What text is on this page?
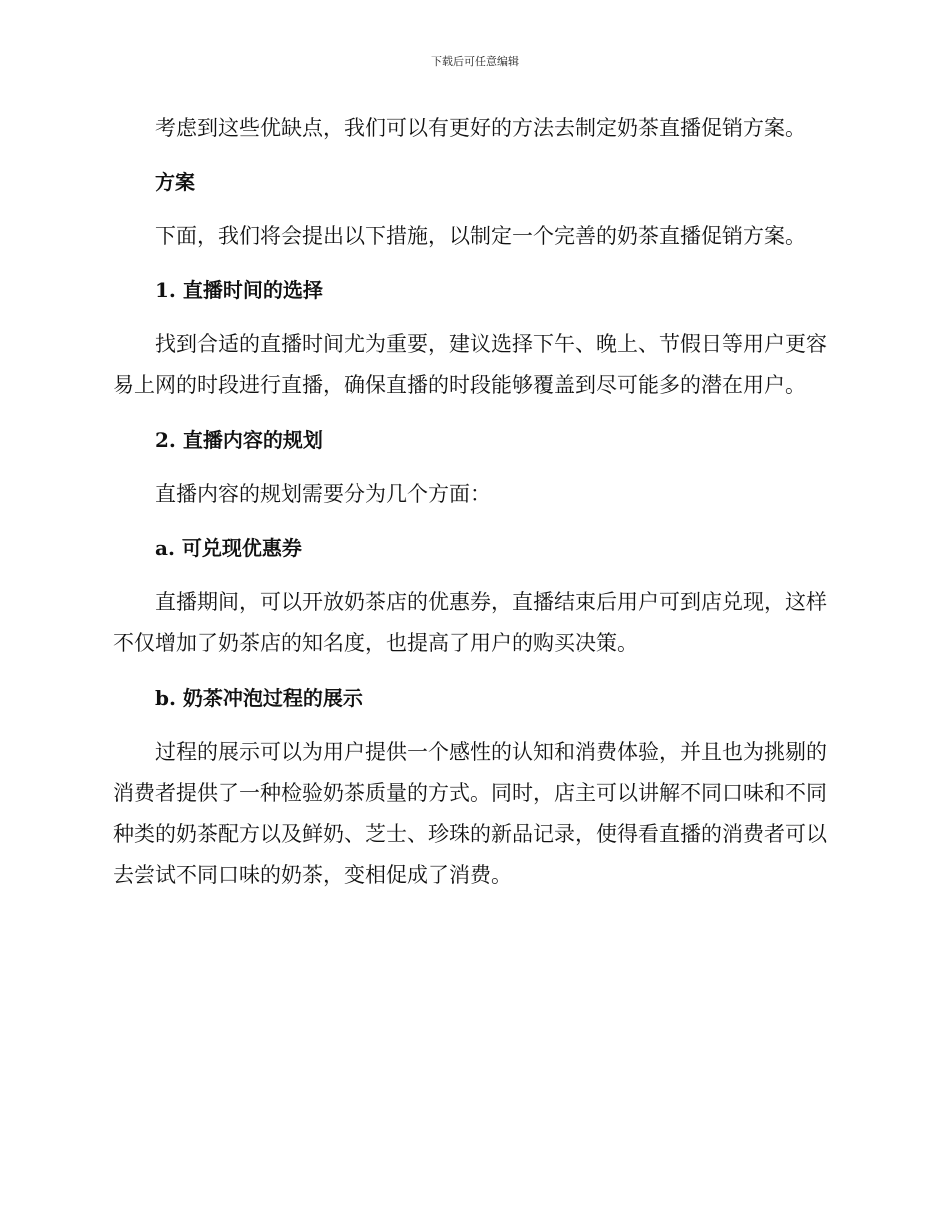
下载后可任意编辑

考虑到这些优缺点，我们可以有更好的方法去制定奶茶直播促销方案。

方案

下面，我们将会提出以下措施，以制定一个完善的奶茶直播促销方案。

1. 直播时间的选择

找到合适的直播时间尤为重要，建议选择下午、晚上、节假日等用户更容易上网的时段进行直播，确保直播的时段能够覆盖到尽可能多的潜在用户。

2. 直播内容的规划

直播内容的规划需要分为几个方面：

a. 可兑现优惠券

直播期间，可以开放奶茶店的优惠券，直播结束后用户可到店兑现，这样不仅增加了奶茶店的知名度，也提高了用户的购买决策。

b. 奶茶冲泡过程的展示

过程的展示可以为用户提供一个感性的认知和消费体验，并且也为挑剔的消费者提供了一种检验奶茶质量的方式。同时，店主可以讲解不同口味和不同种类的奶茶配方以及鲜奶、芝士、珍珠的新品记录，使得看直播的消费者可以去尝试不同口味的奶茶，变相促成了消费。
